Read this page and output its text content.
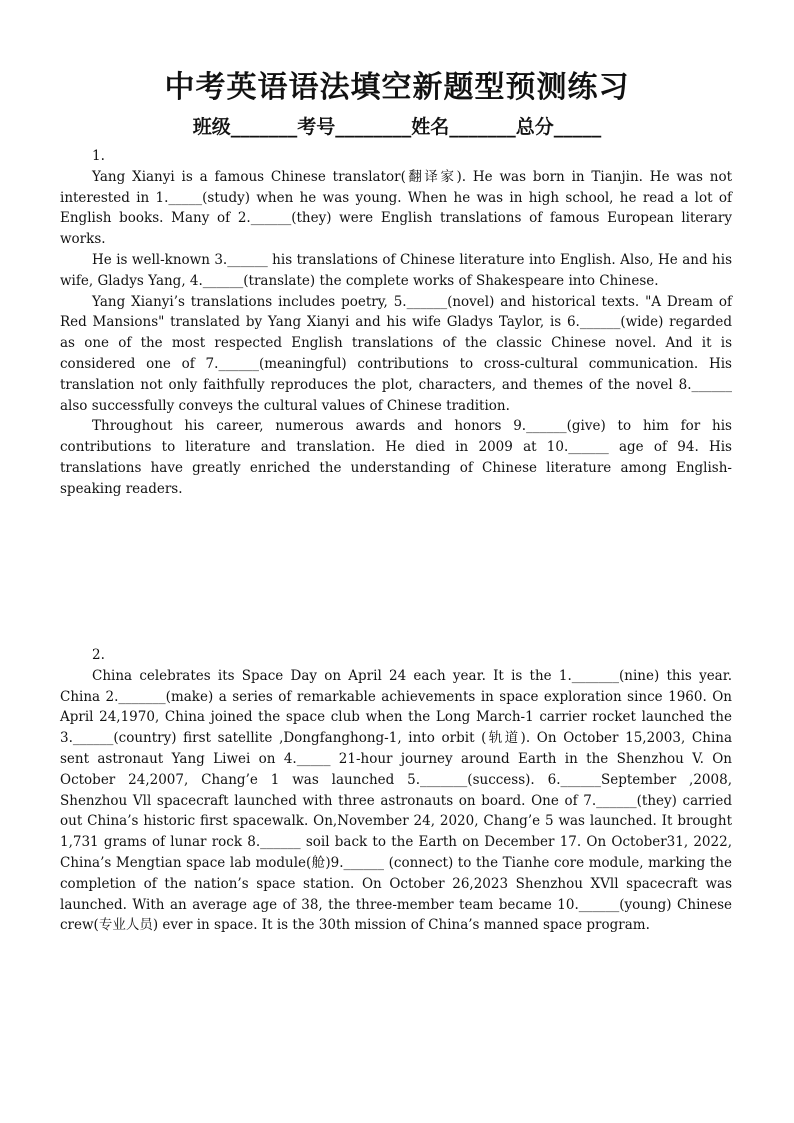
中考英语语法填空新题型预测练习
班级_______考号________姓名_______总分_____

1.

Yang Xianyi is a famous Chinese translator(翻译家). He was born in Tianjin. He was not interested in 1._____(study) when he was young. When he was in high school, he read a lot of English books. Many of 2.______(they) were English translations of famous European literary works.

He is well-known 3.______ his translations of Chinese literature into English. Also, He and his wife, Gladys Yang, 4.______(translate) the complete works of Shakespeare into Chinese.

Yang Xianyi’s translations includes poetry, 5.______(novel) and historical texts. "A Dream of Red Mansions" translated by Yang Xianyi and his wife Gladys Taylor, is 6.______(wide) regarded as one of the most respected English translations of the classic Chinese novel. And it is considered one of 7.______(meaningful) contributions to cross-cultural communication. His translation not only faithfully reproduces the plot, characters, and themes of the novel 8.______ also successfully conveys the cultural values of Chinese tradition.

Throughout his career, numerous awards and honors 9.______(give) to him for his contributions to literature and translation. He died in 2009 at 10.______ age of 94. His translations have greatly enriched the understanding of Chinese literature among English-speaking readers.

2.

China celebrates its Space Day on April 24 each year. It is the 1._______(nine) this year. China 2._______(make) a series of remarkable achievements in space exploration since 1960. On April 24,1970, China joined the space club when the Long March-1 carrier rocket launched the 3.______(country) first satellite ,Dongfanghong-1, into orbit (轨道). On October 15,2003, China sent astronaut Yang Liwei on 4._____ 21-hour journey around Earth in the Shenzhou V. On October 24,2007, Chang’e 1 was launched 5._______(success). 6.______September ,2008, Shenzhou Vll spacecraft launched with three astronauts on board. One of 7.______(they) carried out China’s historic first spacewalk. On,November 24, 2020, Chang’e 5 was launched. It brought 1,731 grams of lunar rock 8.______ soil back to the Earth on December 17. On October31, 2022, China’s Mengtian space lab module(舱)9.______ (connect) to the Tianhe core module, marking the completion of the nation’s space station. On October 26,2023 Shenzhou XVll spacecraft was launched. With an average age of 38, the three-member team became 10.______(young) Chinese crew(专业人员) ever in space. It is the 30th mission of China’s manned space program.
